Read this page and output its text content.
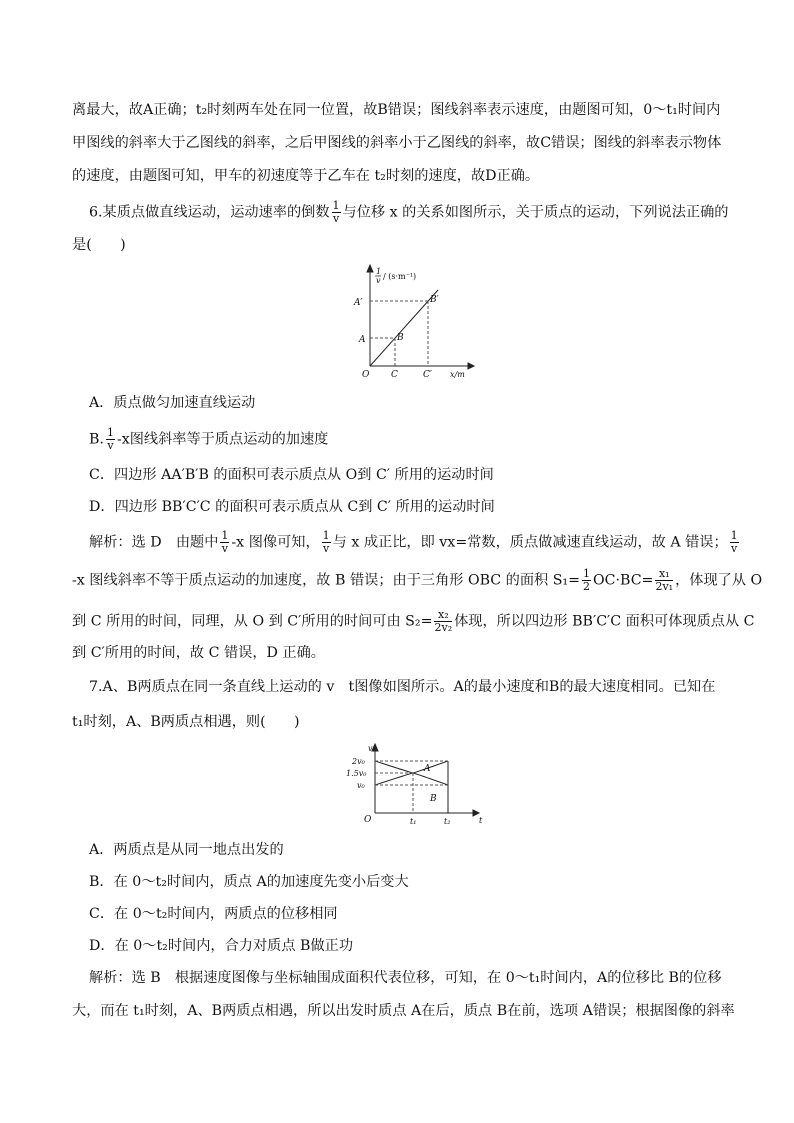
离最大，故A正确；t₂时刻两车处在同一位置，故B错误；图线斜率表示速度，由题图可知，0～t₁时间内
甲图线的斜率大于乙图线的斜率，之后甲图线的斜率小于乙图线的斜率，故C错误；图线的斜率表示物体
的速度，由题图可知，甲车的初速度等于乙车在 t₂时刻的速度，故D正确。
6.某质点做直线运动，运动速率的倒数 $\frac{1}{v}$ 与位移 x 的关系如图所示，关于质点的运动，下列说法正确的
是(　　)
1
v / (s·m⁻¹)
A′	B′
A	B
C	C′
O	x/m
A．质点做匀加速直线运动
B. $\frac{1}{v} -x$图线斜率等于质点运动的加速度
C．四边形 AA′B′B 的面积可表示质点从 O到 C′ 所用的运动时间
D．四边形 BB′C′C 的面积可表示质点从 C到 C′ 所用的运动时间
解析：选 D　由题中 $\frac{1}{v} -x$ 图像可知， $\frac{1}{v}$ 与 x 成正比，即 vx=常数，质点做减速直线运动，故 A 错误； $\frac{1}{v}$
-x 图线斜率不等于质点运动的加速度，故 B 错误；由于三角形 OBC 的面积 $S_1= \frac{1}{2} OC\cdot BC= \frac{\text{x₁}}{\text{2v₁}}$ ，体现了从 O
到 C 所用的时间，同理，从 O 到 C′所用的时间可由 $S_2= \frac{\text{x₂}}{\text{2v₂}}$ 体现，所以四边形 BB′C′C 面积可体现质点从 C
到 C′所用的时间，故 C 错误，D 正确。
7.A、B两质点在同一条直线上运动的 v　t图像如图所示。A的最小速度和B的最大速度相同。已知在
t₁时刻，A、B两质点相遇，则(　　)
v
2v₀
1.5v₀
v₀
O	t₁	t₂	t
A
B
A．两质点是从同一地点出发的
B．在 0～t₂时间内，质点 A的加速度先变小后变大
C．在 0～t₂时间内，两质点的位移相同
D．在 0～t₂时间内，合力对质点 B做正功
解析：选 B　根据速度图像与坐标轴围成面积代表位移，可知，在 0～t₁时间内，A的位移比 B的位移
大，而在 t₁时刻，A、B两质点相遇，所以出发时质点 A在后，质点 B在前，选项 A错误；根据图像的斜率
